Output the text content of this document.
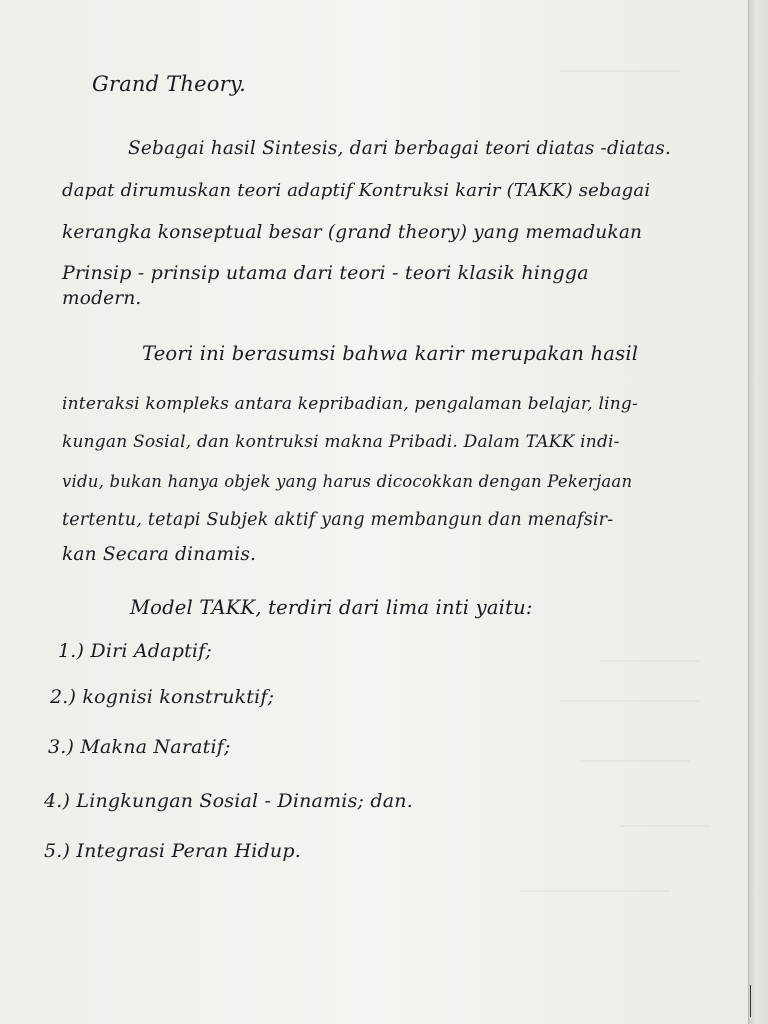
Grand Theory.
Sebagai hasil Sintesis, dari berbagai teori diatas -diatas.
dapat dirumuskan teori adaptif Kontruksi karir (TAKK) sebagai
kerangka konseptual besar (grand theory) yang memadukan
Prinsip - prinsip utama dari teori - teori klasik hingga
modern.
Teori ini berasumsi bahwa karir merupakan hasil
interaksi kompleks antara kepribadian, pengalaman belajar, ling-
kungan Sosial, dan kontruksi makna Pribadi. Dalam TAKK indi-
vidu, bukan hanya objek yang harus dicocokkan dengan Pekerjaan
tertentu, tetapi Subjek aktif yang membangun dan menafsir-
kan Secara dinamis.
Model TAKK, terdiri dari lima inti yaitu:
1.) Diri Adaptif;
2.) kognisi konstruktif;
3.) Makna Naratif;
4.) Lingkungan Sosial - Dinamis; dan.
5.) Integrasi Peran Hidup.
